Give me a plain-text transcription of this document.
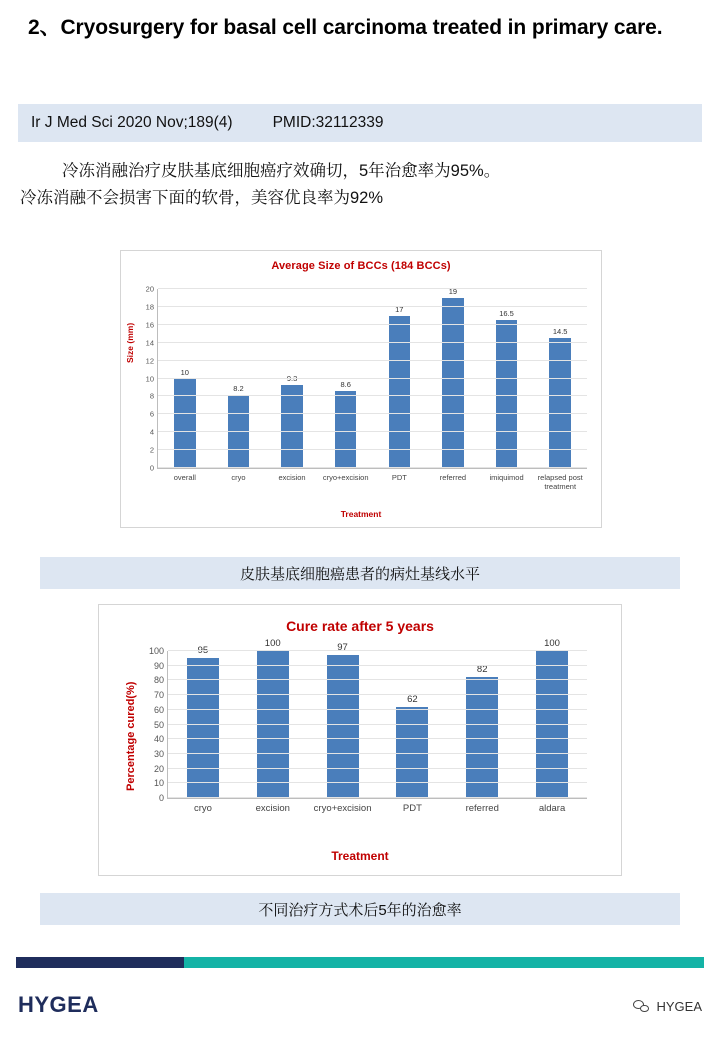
2、Cryosurgery for basal cell carcinoma treated in primary care.
Ir J Med Sci 2020 Nov;189(4)	PMID:32112339
冷冻消融治疗皮肤基底细胞癌疗效确切，5年治愈率为95%。
冷冻消融不会损害下面的软骨，美容优良率为92%
Average Size of BCCs (184 BCCs)
Size (mm)
10
8.2
9.3
8.6
17
19
16.5
14.5
overall	cryo	excision	cryo+excision	PDT	referred	imiquimod	relapsed post treatment
0
2
4
6
8
10
12
14
16
18
20
Treatment
皮肤基底细胞癌患者的病灶基线水平
Cure rate after 5 years
Percentage cured(%)
95
100	97
62
82
100
cryo	excision	cryo+excision	PDT	referred	aldara
0
10
20
30
40
50
60
70
80
90
100
Treatment
不同治疗方式术后5年的治愈率
HYGEA	HYGEA
